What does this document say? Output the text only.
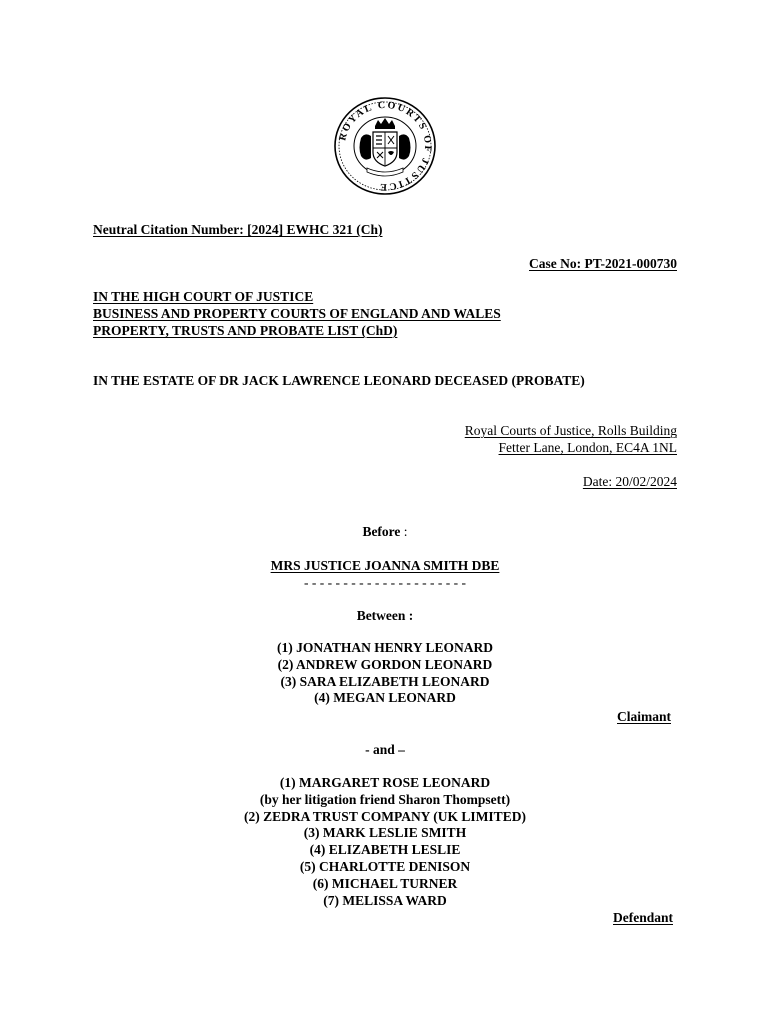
ROYAL COURTS OF JUSTICE
Neutral Citation Number: [2024] EWHC 321 (Ch)
Case No: PT-2021-000730
IN THE HIGH COURT OF JUSTICE
BUSINESS AND PROPERTY COURTS OF ENGLAND AND WALES
PROPERTY, TRUSTS AND PROBATE LIST (ChD)
IN THE ESTATE OF DR JACK LAWRENCE LEONARD DECEASED (PROBATE)
Royal Courts of Justice, Rolls Building
Fetter Lane, London, EC4A 1NL
Date: 20/02/2024
Before :
MRS JUSTICE JOANNA SMITH DBE
- - - - - - - - - - - - - - - - - - - - -
Between :
(1) JONATHAN HENRY LEONARD
(2) ANDREW GORDON LEONARD
(3) SARA ELIZABETH LEONARD
(4) MEGAN LEONARD
Claimant
- and –
(1) MARGARET ROSE LEONARD
(by her litigation friend Sharon Thompsett)
(2) ZEDRA TRUST COMPANY (UK LIMITED)
(3) MARK LESLIE SMITH
(4) ELIZABETH LESLIE
(5) CHARLOTTE DENISON
(6) MICHAEL TURNER
(7) MELISSA WARD
Defendant
